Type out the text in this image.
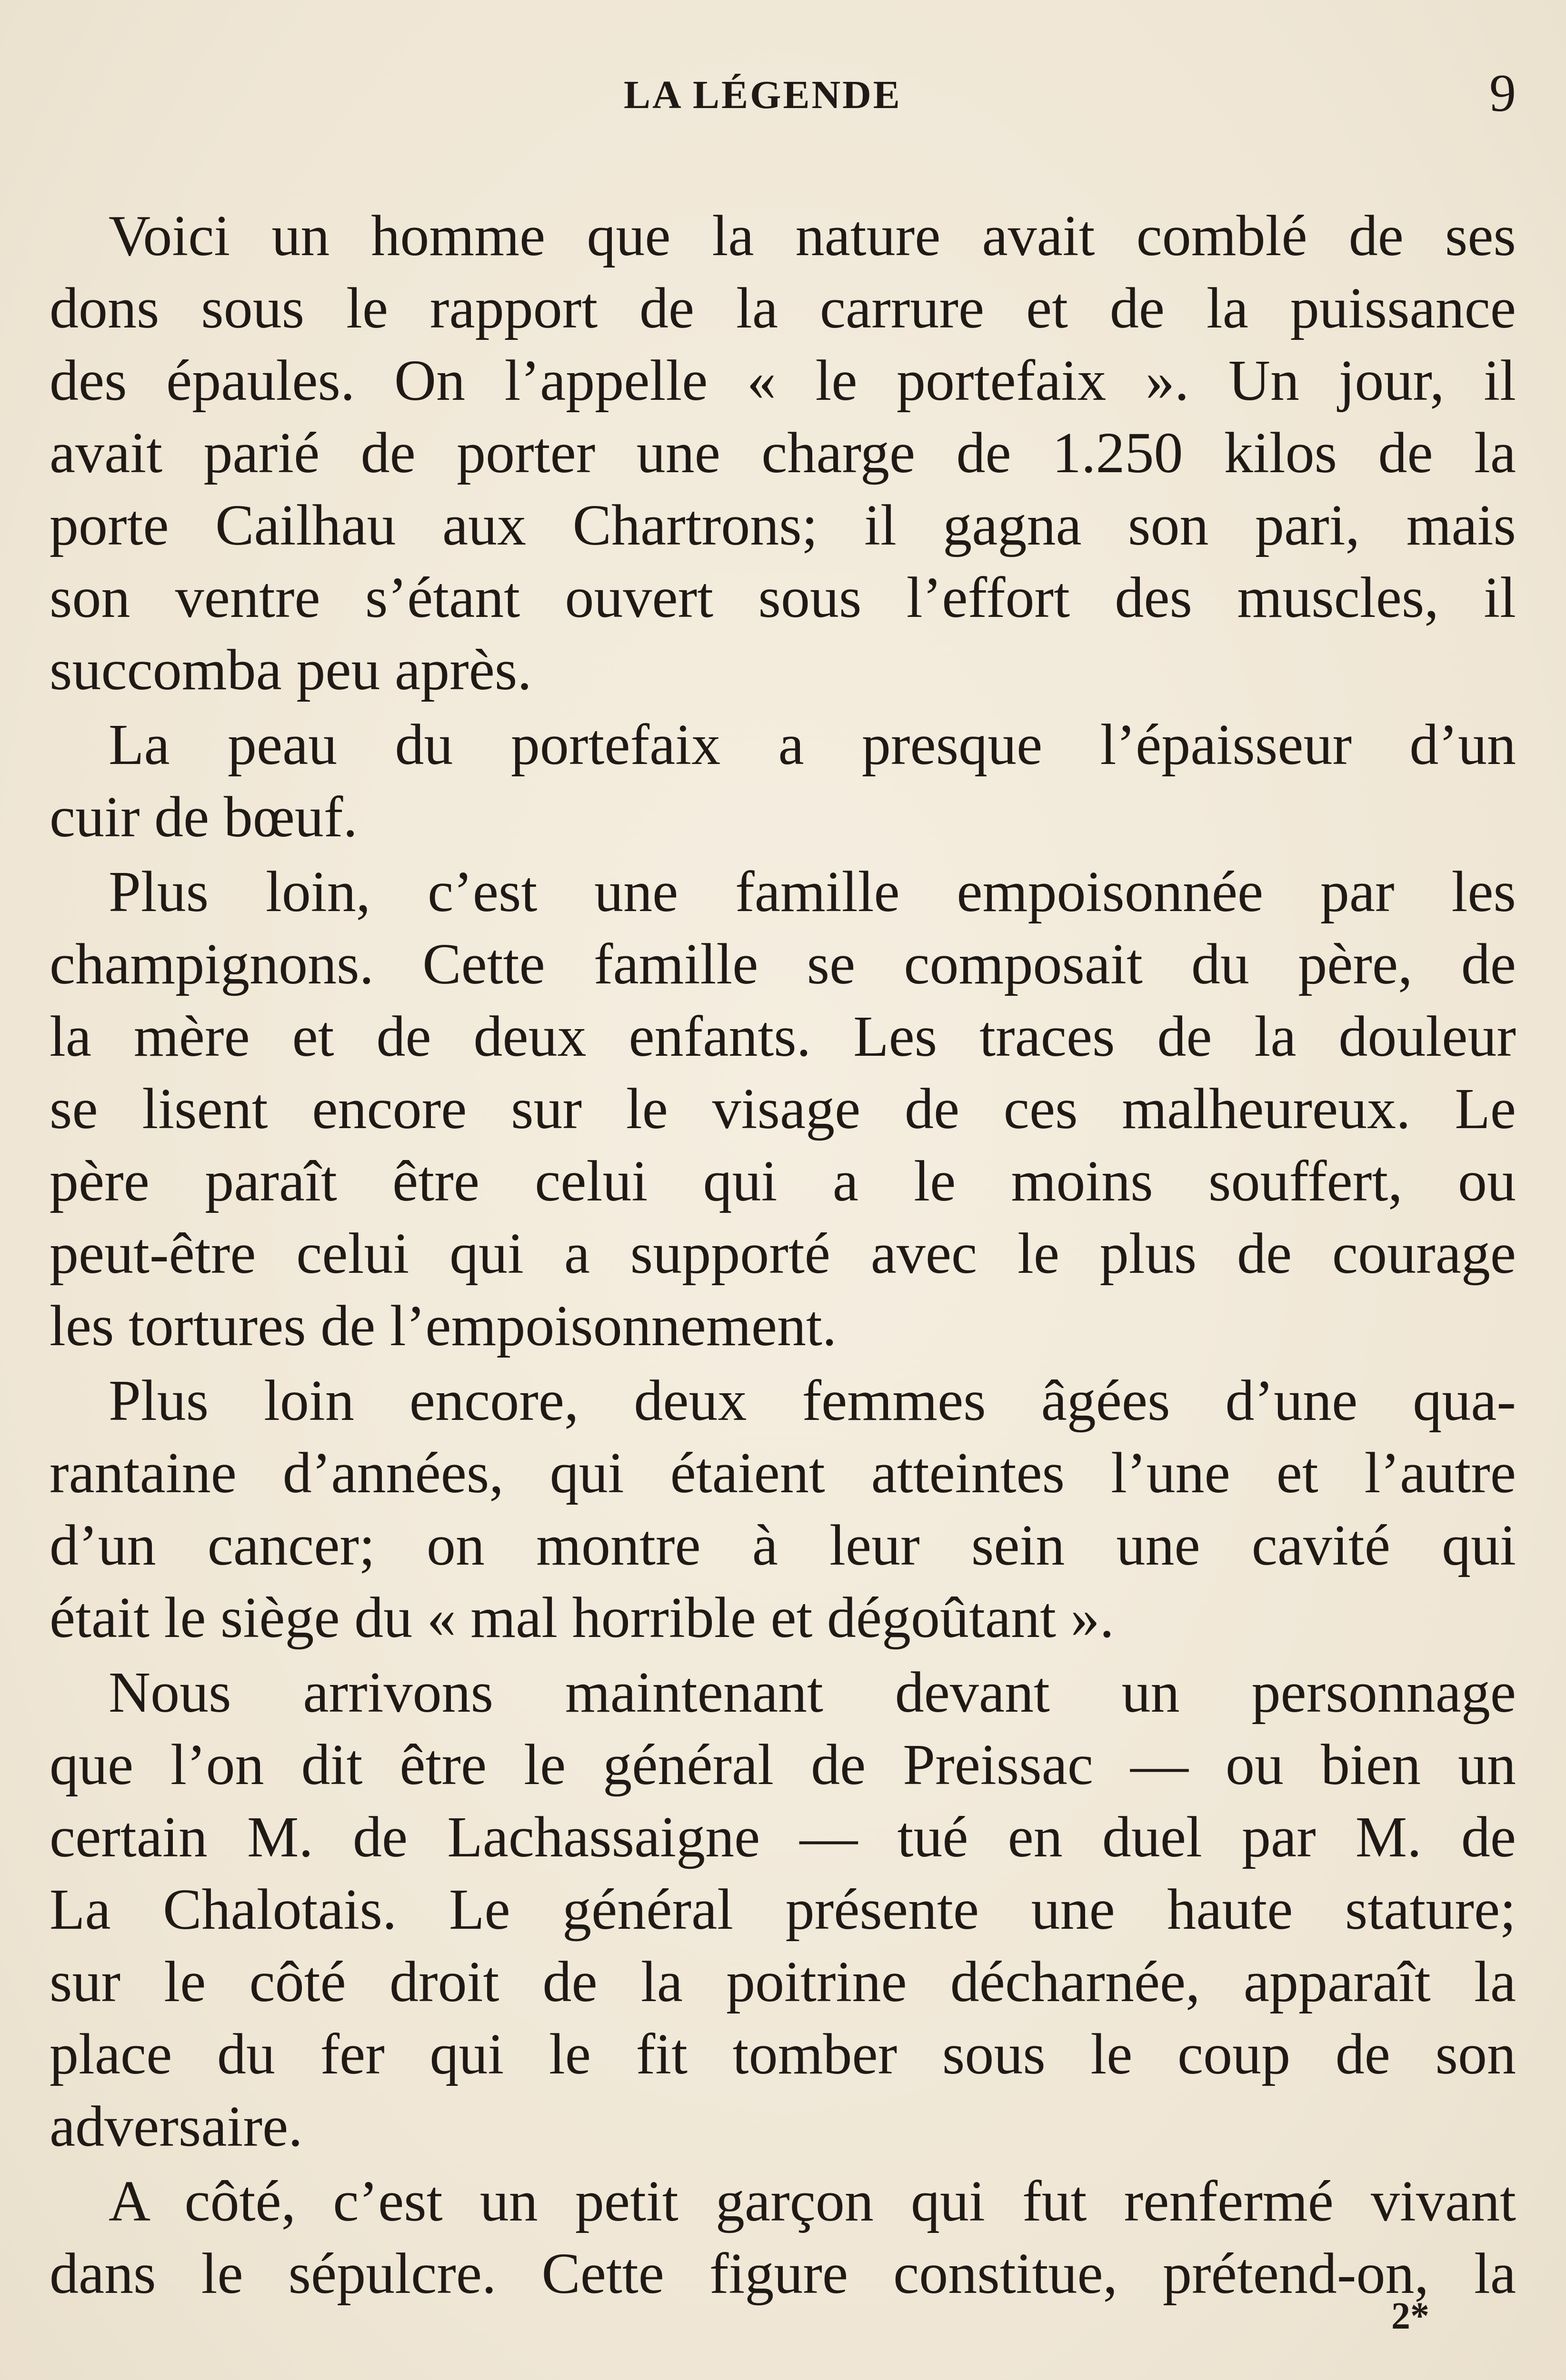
LA LÉGENDE	9

Voici un homme que la nature avait comblé de ses
dons sous le rapport de la carrure et de la puissance
des épaules. On l’appelle « le portefaix ». Un jour, il
avait parié de porter une charge de 1.250 kilos de la
porte Cailhau aux Chartrons; il gagna son pari, mais
son ventre s’étant ouvert sous l’effort des muscles, il
succomba peu après.

La peau du portefaix a presque l’épaisseur d’un
cuir de bœuf.

Plus loin, c’est une famille empoisonnée par les
champignons. Cette famille se composait du père, de
la mère et de deux enfants. Les traces de la douleur
se lisent encore sur le visage de ces malheureux. Le
père paraît être celui qui a le moins souffert, ou
peut-être celui qui a supporté avec le plus de courage
les tortures de l’empoisonnement.

Plus loin encore, deux femmes âgées d’une qua-
rantaine d’années, qui étaient atteintes l’une et l’autre
d’un cancer; on montre à leur sein une cavité qui
était le siège du « mal horrible et dégoûtant ».

Nous arrivons maintenant devant un personnage
que l’on dit être le général de Preissac — ou bien un
certain M. de Lachassaigne — tué en duel par M. de
La Chalotais. Le général présente une haute stature;
sur le côté droit de la poitrine décharnée, apparaît la
place du fer qui le fit tomber sous le coup de son
adversaire.

A côté, c’est un petit garçon qui fut renfermé vivant
dans le sépulcre. Cette figure constitue, prétend-on, la

2*
